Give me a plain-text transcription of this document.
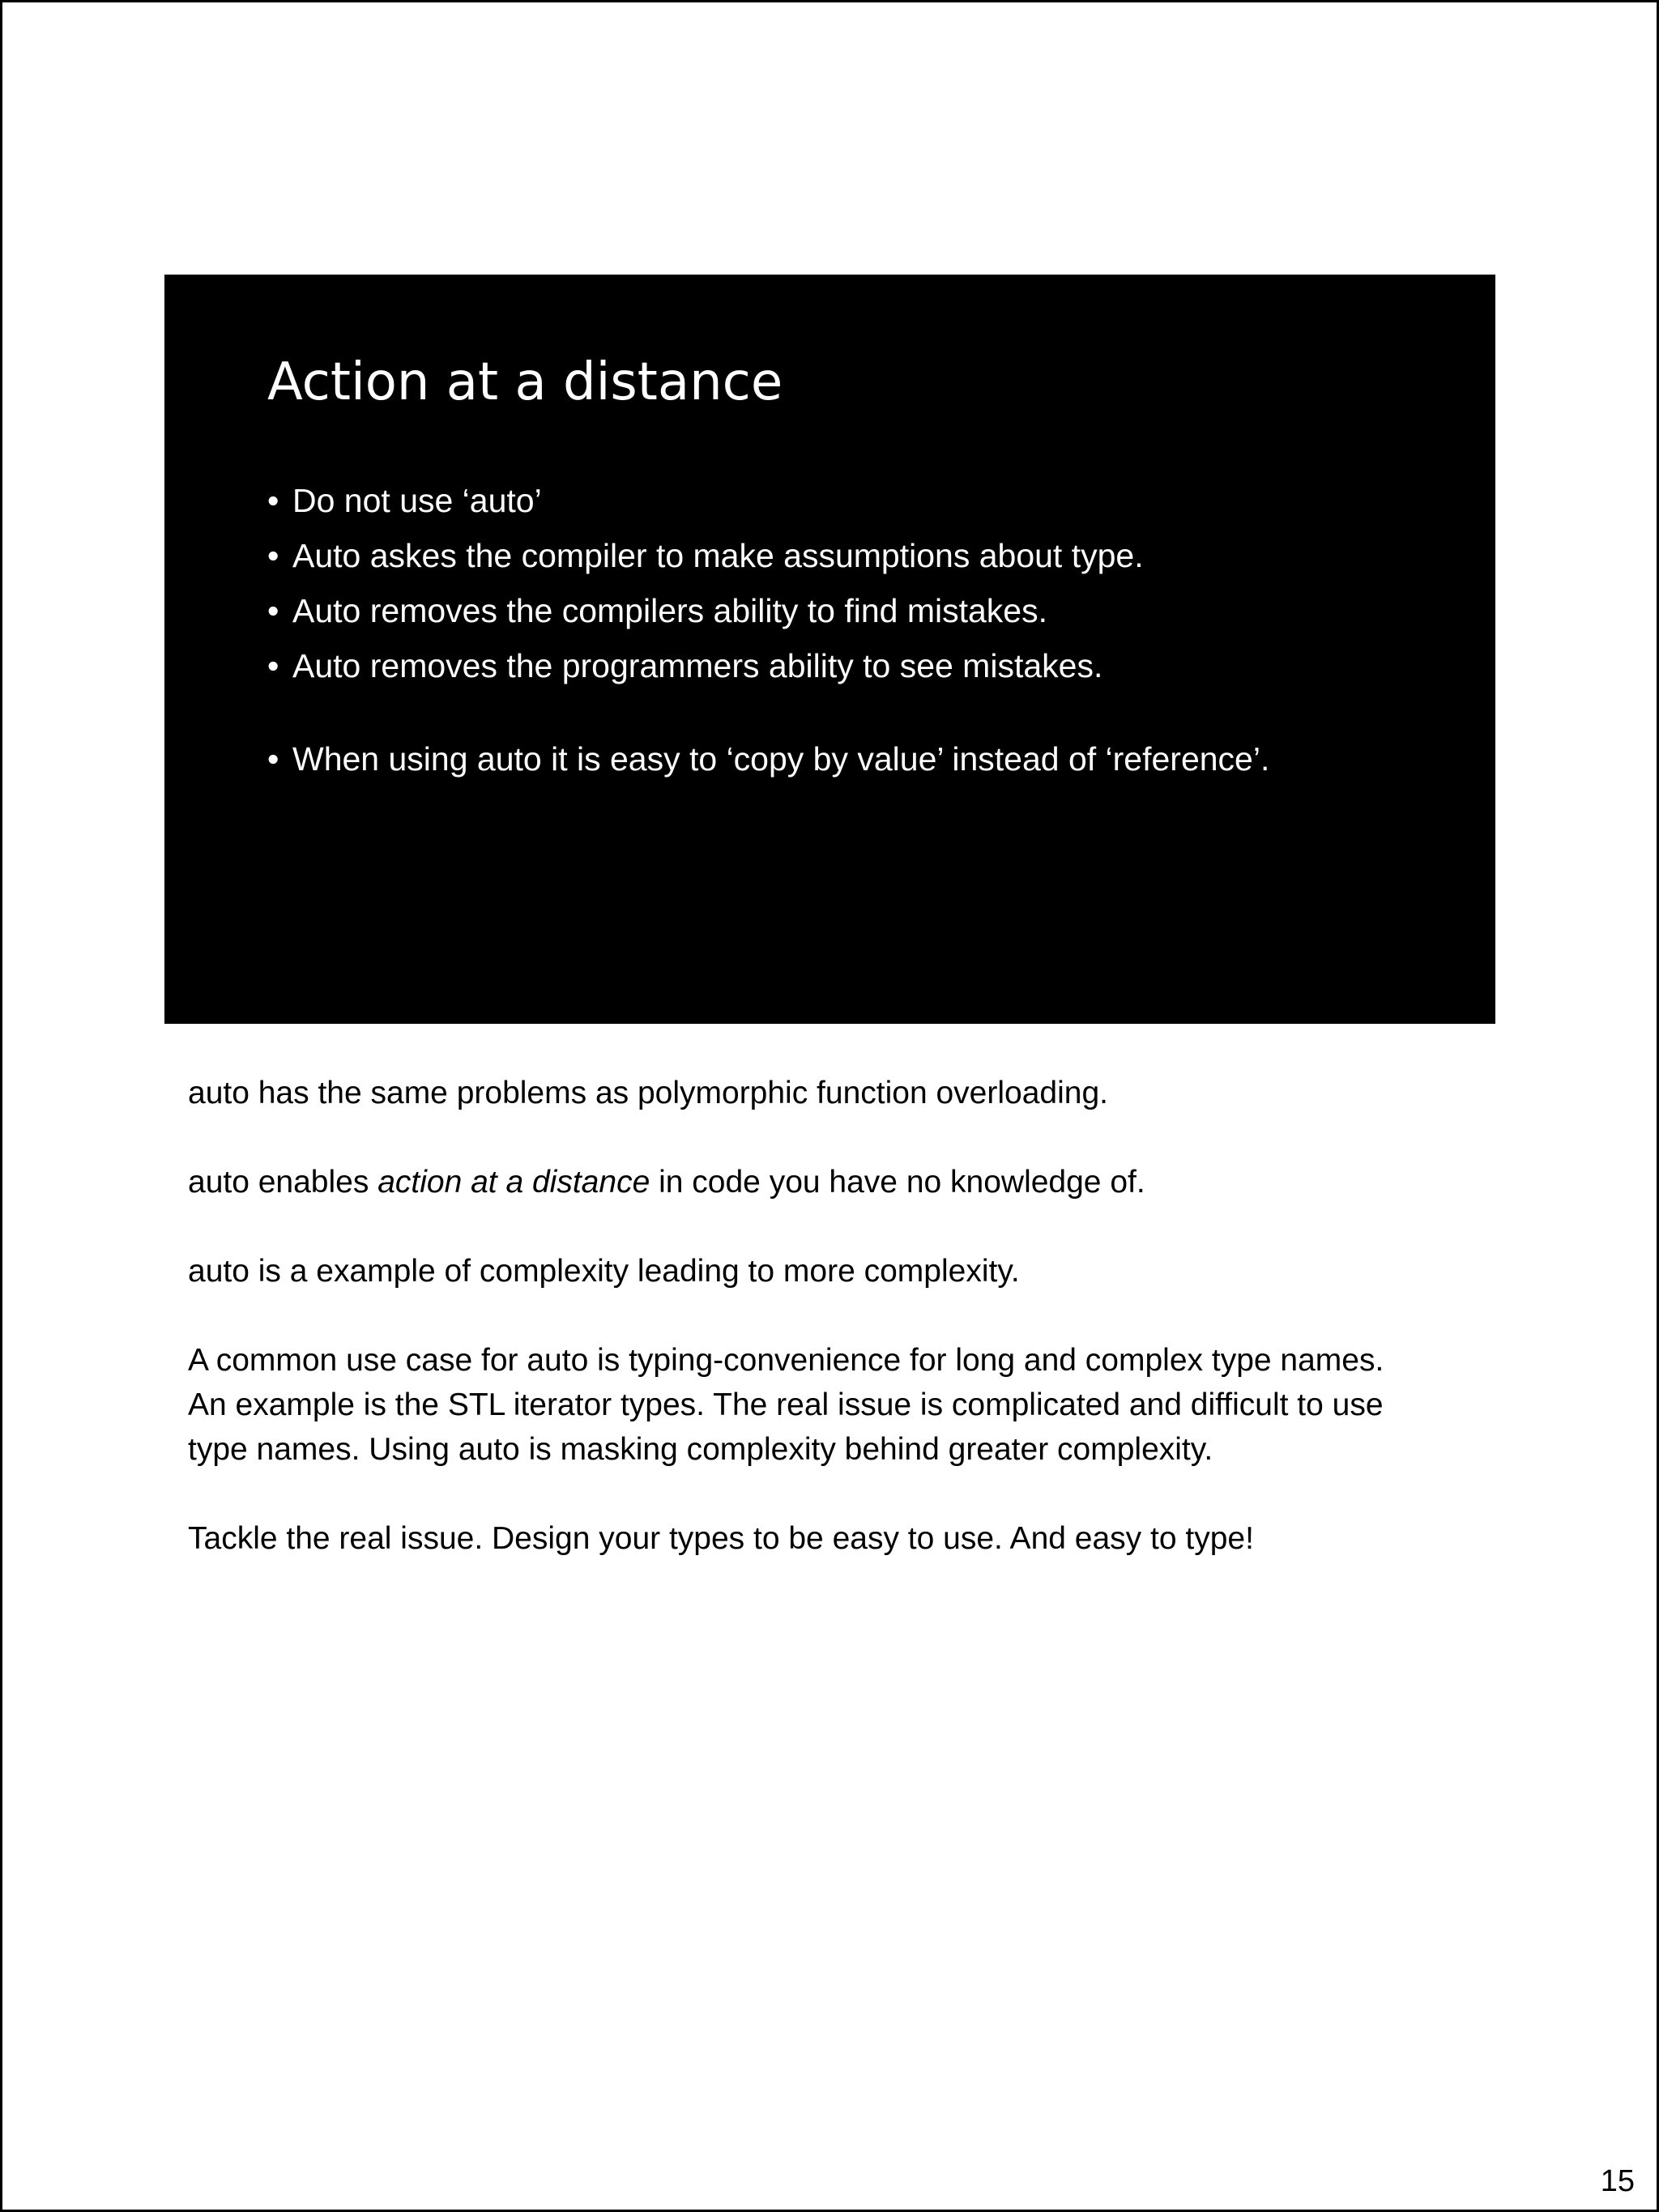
Action at a distance
• Do not use ‘auto’
• Auto askes the compiler to make assumptions about type.
• Auto removes the compilers ability to find mistakes.
• Auto removes the programmers ability to see mistakes.
• When using auto it is easy to ‘copy by value’ instead of ‘reference’.

auto has the same problems as polymorphic function overloading.

auto enables action at a distance in code you have no knowledge of.

auto is a example of complexity leading to more complexity.

A common use case for auto is typing-convenience for long and complex type names.
An example is the STL iterator types. The real issue is complicated and difficult to use
type names. Using auto is masking complexity behind greater complexity.

Tackle the real issue. Design your types to be easy to use. And easy to type!

15
